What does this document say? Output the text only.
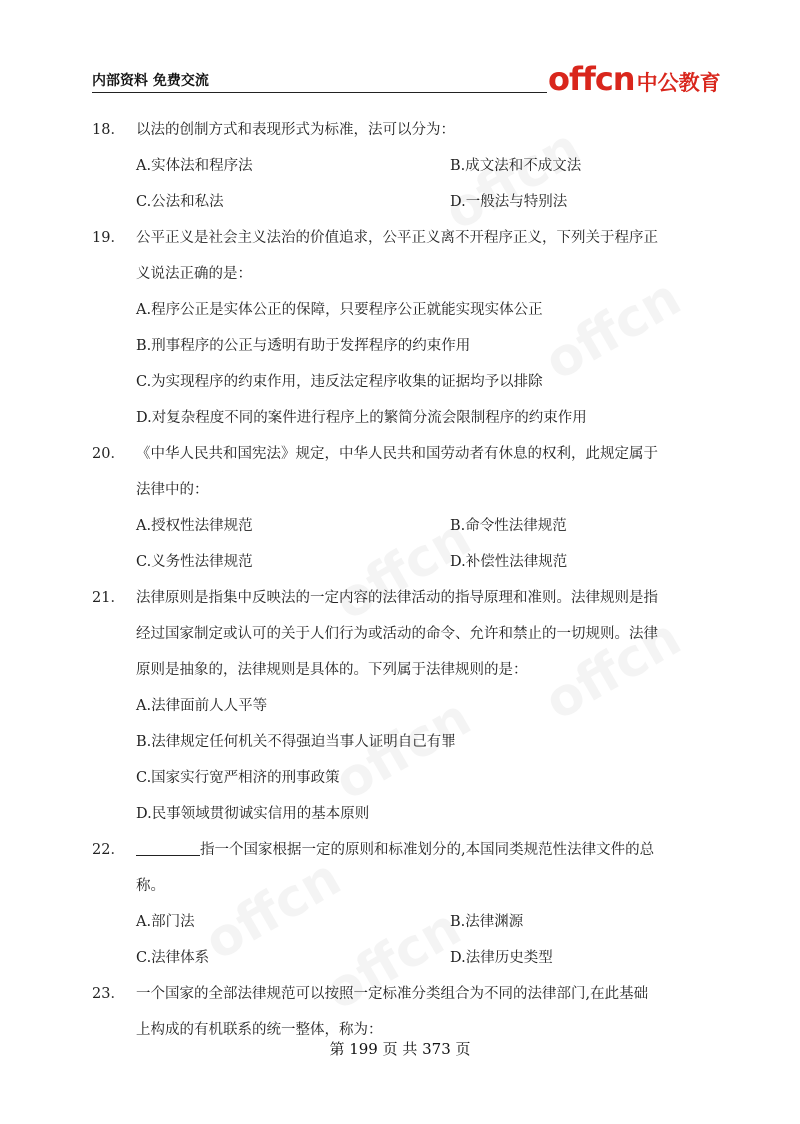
内部资料 免费交流	offcn中公教育
18． 以法的创制方式和表现形式为标准，法可以分为：
A.实体法和程序法	B.成文法和不成文法
C.公法和私法	D.一般法与特别法
19． 公平正义是社会主义法治的价值追求，公平正义离不开程序正义，下列关于程序正
义说法正确的是：
A.程序公正是实体公正的保障，只要程序公正就能实现实体公正
B.刑事程序的公正与透明有助于发挥程序的约束作用
C.为实现程序的约束作用，违反法定程序收集的证据均予以排除
D.对复杂程度不同的案件进行程序上的繁简分流会限制程序的约束作用
20． 《中华人民共和国宪法》规定，中华人民共和国劳动者有休息的权利，此规定属于
法律中的：
A.授权性法律规范	B.命令性法律规范
C.义务性法律规范	D.补偿性法律规范
21． 法律原则是指集中反映法的一定内容的法律活动的指导原理和准则。法律规则是指
经过国家制定或认可的关于人们行为或活动的命令、允许和禁止的一切规则。法律
原则是抽象的，法律规则是具体的。下列属于法律规则的是：
A.法律面前人人平等
B.法律规定任何机关不得强迫当事人证明自己有罪
C.国家实行宽严相济的刑事政策
D.民事领域贯彻诚实信用的基本原则
22．	指一个国家根据一定的原则和标准划分的,本国同类规范性法律文件的总
称。
A.部门法	B.法律渊源
C.法律体系	D.法律历史类型
23． 一个国家的全部法律规范可以按照一定标准分类组合为不同的法律部门,在此基础
上构成的有机联系的统一整体，称为：
第 199 页 共 373 页
